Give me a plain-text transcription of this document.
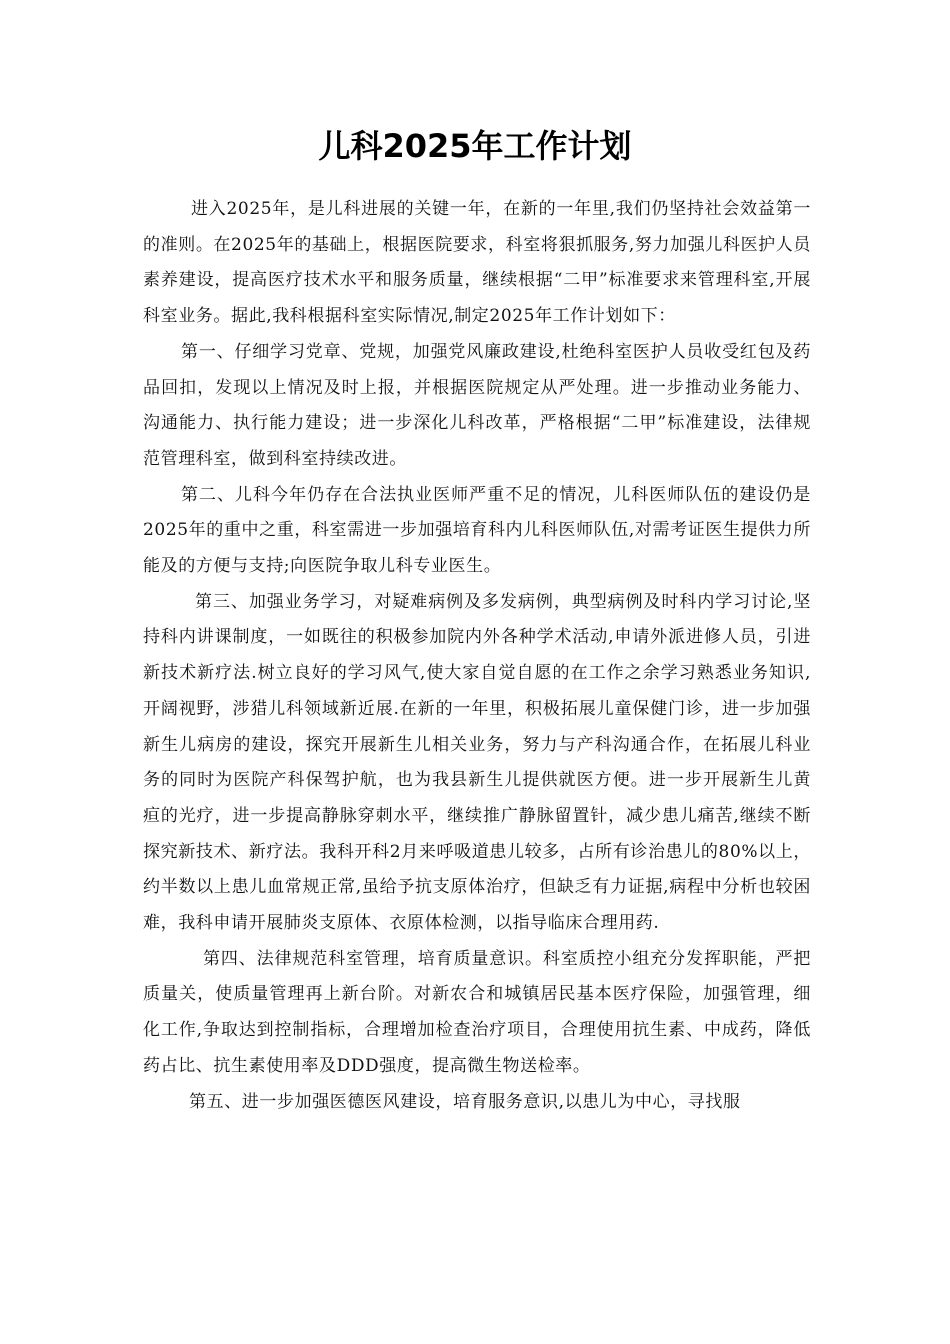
儿科2025年工作计划

进入2025年，是儿科进展的关键一年，在新的一年里,我们仍坚持社会效益第一的准则。在2025年的基础上，根据医院要求，科室将狠抓服务,努力加强儿科医护人员素养建设，提高医疗技术水平和服务质量，继续根据“二甲”标准要求来管理科室,开展科室业务。据此,我科根据科室实际情况,制定2025年工作计划如下：

第一、仔细学习党章、党规，加强党风廉政建设,杜绝科室医护人员收受红包及药品回扣，发现以上情况及时上报，并根据医院规定从严处理。进一步推动业务能力、沟通能力、执行能力建设；进一步深化儿科改革，严格根据“二甲”标准建设，法律规范管理科室，做到科室持续改进。

第二、儿科今年仍存在合法执业医师严重不足的情况，儿科医师队伍的建设仍是2025年的重中之重，科室需进一步加强培育科内儿科医师队伍,对需考证医生提供力所能及的方便与支持;向医院争取儿科专业医生。

第三、加强业务学习，对疑难病例及多发病例，典型病例及时科内学习讨论,坚持科内讲课制度，一如既往的积极参加院内外各种学术活动,申请外派进修人员，引进新技术新疗法.树立良好的学习风气,使大家自觉自愿的在工作之余学习熟悉业务知识,开阔视野，涉猎儿科领域新近展.在新的一年里，积极拓展儿童保健门诊，进一步加强新生儿病房的建设，探究开展新生儿相关业务，努力与产科沟通合作，在拓展儿科业务的同时为医院产科保驾护航，也为我县新生儿提供就医方便。进一步开展新生儿黄疸的光疗，进一步提高静脉穿刺水平，继续推广静脉留置针，减少患儿痛苦,继续不断探究新技术、新疗法。我科开科2月来呼吸道患儿较多，占所有诊治患儿的80%以上，约半数以上患儿血常规正常,虽给予抗支原体治疗，但缺乏有力证据,病程中分析也较困难，我科申请开展肺炎支原体、衣原体检测，以指导临床合理用药.

第四、法律规范科室管理，培育质量意识。科室质控小组充分发挥职能，严把质量关，使质量管理再上新台阶。对新农合和城镇居民基本医疗保险，加强管理，细化工作,争取达到控制指标，合理增加检查治疗项目，合理使用抗生素、中成药，降低药占比、抗生素使用率及DDD强度，提高微生物送检率。

第五、进一步加强医德医风建设，培育服务意识,以患儿为中心，寻找服
